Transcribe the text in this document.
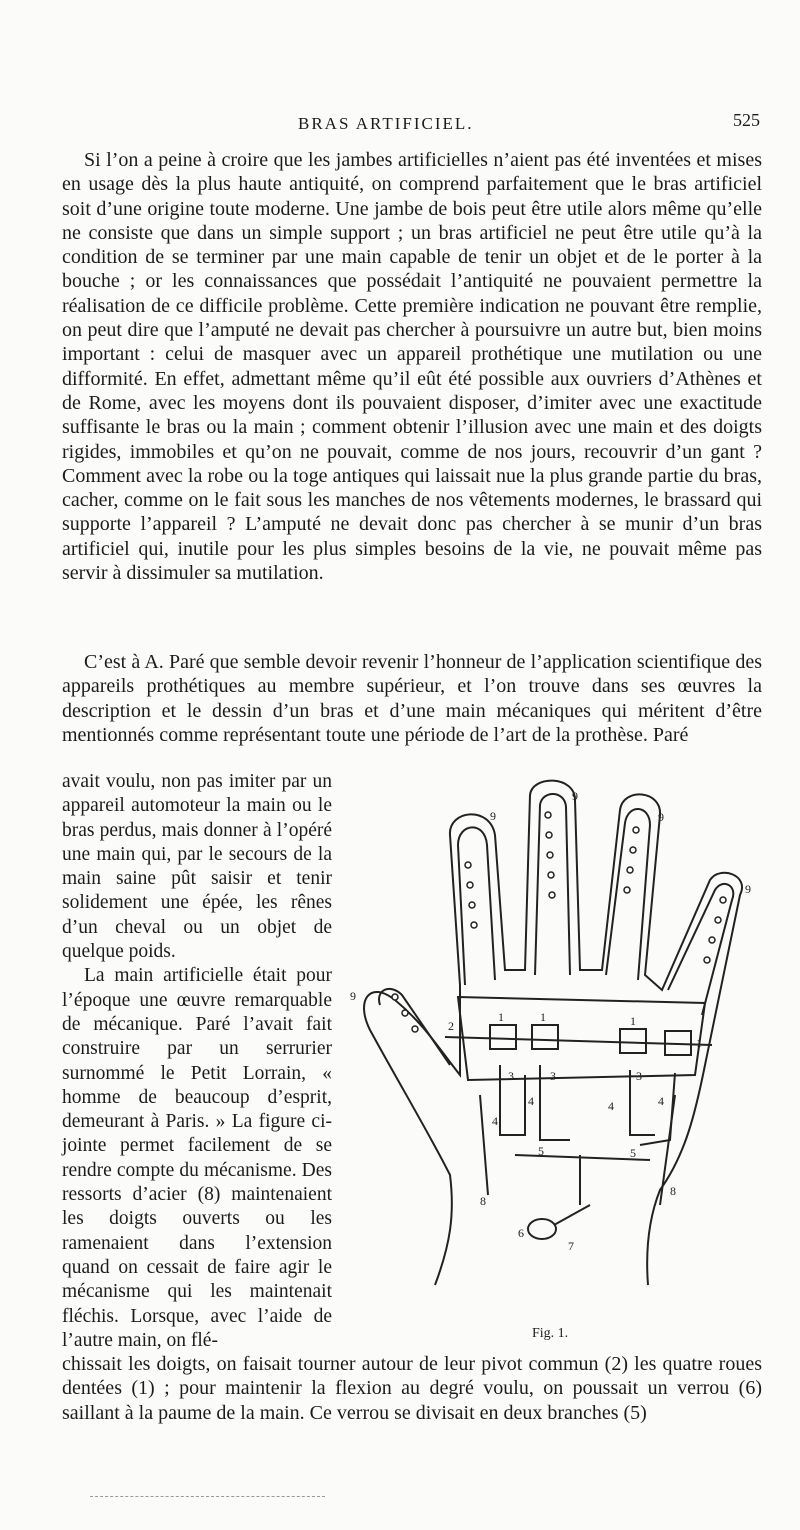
BRAS ARTIFICIEL.	525

Si l’on a peine à croire que les jambes artificielles n’aient pas été inventées et mises en usage dès la plus haute antiquité, on comprend parfaitement que le bras artificiel soit d’une origine toute moderne. Une jambe de bois peut être utile alors même qu’elle ne consiste que dans un simple support ; un bras artificiel ne peut être utile qu’à la condition de se terminer par une main capable de tenir un objet et de le porter à la bouche ; or les connaissances que possédait l’antiquité ne pouvaient permettre la réalisation de ce difficile problème. Cette première indication ne pouvant être remplie, on peut dire que l’amputé ne devait pas chercher à poursuivre un autre but, bien moins important : celui de masquer avec un appareil prothétique une mutilation ou une difformité. En effet, admettant même qu’il eût été possible aux ouvriers d’Athènes et de Rome, avec les moyens dont ils pouvaient disposer, d’imiter avec une exactitude suffisante le bras ou la main ; comment obtenir l’illusion avec une main et des doigts rigides, immobiles et qu’on ne pouvait, comme de nos jours, recouvrir d’un gant ? Comment avec la robe ou la toge antiques qui laissait nue la plus grande partie du bras, cacher, comme on le fait sous les manches de nos vêtements modernes, le brassard qui supporte l’appareil ? L’amputé ne devait donc pas chercher à se munir d’un bras artificiel qui, inutile pour les plus simples besoins de la vie, ne pouvait même pas servir à dissimuler sa mutilation.

C’est à A. Paré que semble devoir revenir l’honneur de l’application scientifique des appareils prothétiques au membre supérieur, et l’on trouve dans ses œuvres la description et le dessin d’un bras et d’une main mécaniques qui méritent d’être mentionnés comme représentant toute une période de l’art de la prothèse. Paré

avait voulu, non pas imiter par un appareil automoteur la main ou le bras perdus, mais donner à l’opéré une main qui, par le secours de la main saine pût saisir et tenir solidement une épée, les rênes d’un cheval ou un objet de quelque poids.

La main artificielle était pour l’époque une œuvre remarquable de mécanique. Paré l’avait fait construire par un serrurier surnommé le Petit Lorrain, « homme de beaucoup d’esprit, demeurant à Paris. » La figure ci-jointe permet facilement de se rendre compte du mécanisme. Des ressorts d’acier (8) maintenaient les doigts ouverts ou les ramenaient dans l’extension quand on cessait de faire agir le mécanisme qui les maintenait fléchis. Lorsque, avec l’aide de l’autre main, on flé-

9
9
9
9
9
2
1	1	1
1
3	3	3
4
4
4	4
5	5
8
8
6
7
Fig. 1.

chissait les doigts, on faisait tourner autour de leur pivot commun (2) les quatre roues dentées (1) ; pour maintenir la flexion au degré voulu, on poussait un verrou (6) saillant à la paume de la main. Ce verrou se divisait en deux branches (5)
